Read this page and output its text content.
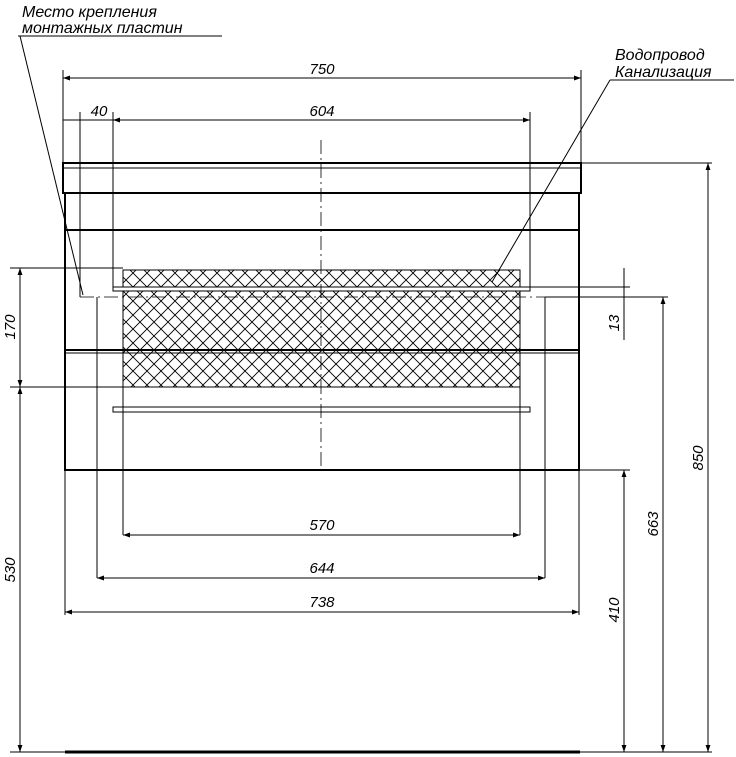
Место крепления
монтажных пластин
Водопровод
Канализация
750
40	604
570
644
738
170
530
13
410
663
850
